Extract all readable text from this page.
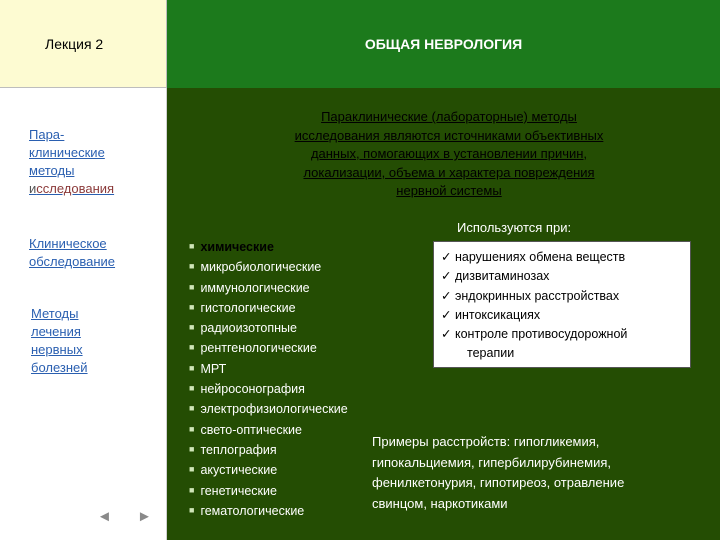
Лекция 2	ОБЩАЯ НЕВРОЛОГИЯ
Пара-
клинические
методы
исследования
Клиническое
обследование
Методы
лечения
нервных
болезней
◄ ►
Параклинические (лабораторные) методы
исследования являются источниками объективных
данных, помогающих в установлении причин,
локализации, объема и характера повреждения
нервной системы
Используются при:
■ химические
■ микробиологические
■ иммунологические
■ гистологические
■ радиоизотопные
■ рентгенологические
■ МРТ
■ нейросонография
■ электрофизиологические
■ свето-оптические
■ теплография
■ акустические
■ генетические
■ гематологические
✓ нарушениях обмена веществ
✓ дизвитаминозах
✓ эндокринных расстройствах
✓ интоксикациях
✓ контроле противосудорожной
терапии
Примеры расстройств: гипогликемия,
гипокальциемия, гипербилирубинемия,
фенилкетонурия, гипотиреоз, отравление
свинцом, наркотиками
